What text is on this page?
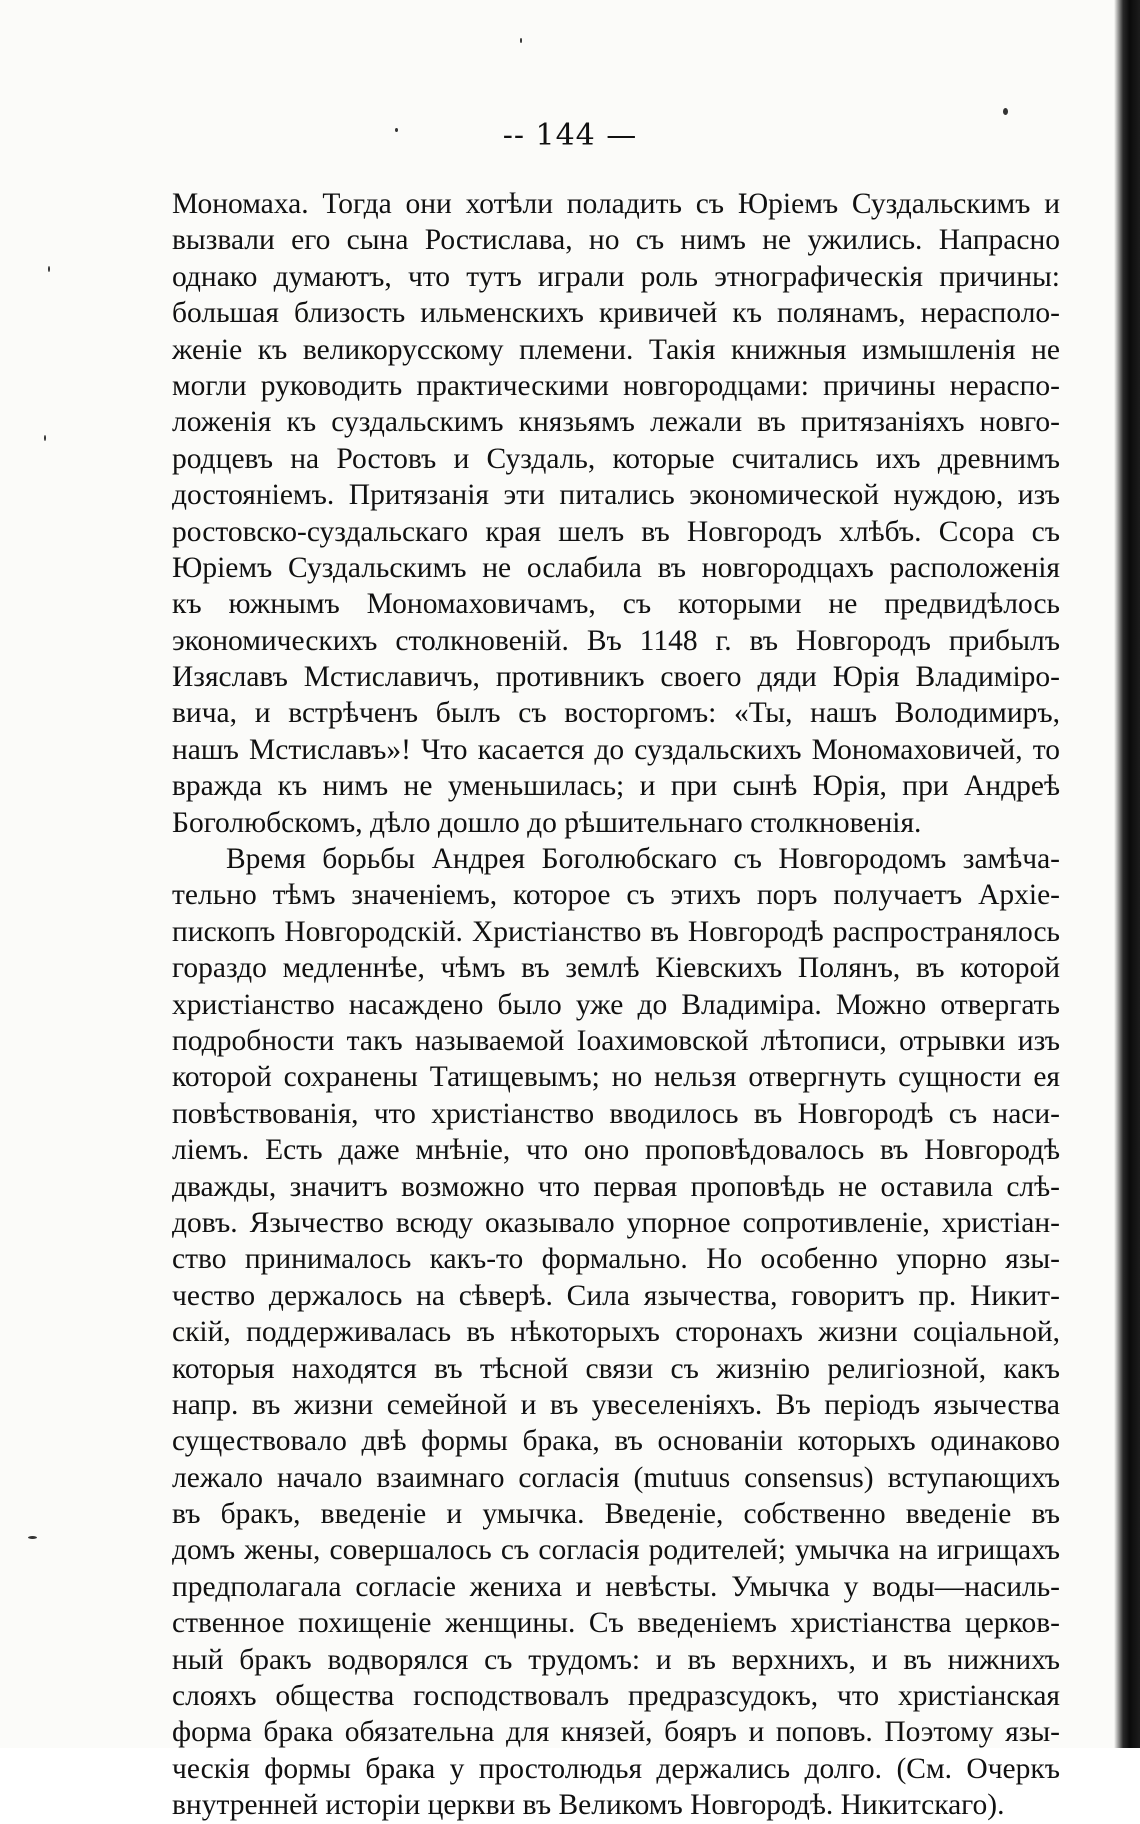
-- 144 —
Мономаха. Тогда они хотѣли поладить съ Юріемъ Суздальскимъ и
вызвали его сына Ростислава, но съ нимъ не ужились. Напрасно
однако думаютъ, что тутъ играли роль этнографическія причины:
большая близость ильменскихъ кривичей къ полянамъ, нерасполо-
женіе къ великорусскому племени. Такія книжныя измышленія не
могли руководить практическими новгородцами: причины нераспо-
ложенія къ суздальскимъ князьямъ лежали въ притязаніяхъ новго-
родцевъ на Ростовъ и Суздаль, которые считались ихъ древнимъ
достояніемъ. Притязанія эти питались экономической нуждою, изъ
ростовско-суздальскаго края шелъ въ Новгородъ хлѣбъ. Ссора съ
Юріемъ Суздальскимъ не ослабила въ новгородцахъ расположенія
къ южнымъ Мономаховичамъ, съ которыми не предвидѣлось
экономическихъ столкновеній. Въ 1148 г. въ Новгородъ прибылъ
Изяславъ Мстиславичъ, противникъ своего дяди Юрія Владиміро-
вича, и встрѣченъ былъ съ восторгомъ: «Ты, нашъ Володимиръ,
нашъ Мстиславъ»! Что касается до суздальскихъ Мономаховичей, то
вражда къ нимъ не уменьшилась; и при сынѣ Юрія, при Андреѣ
Боголюбскомъ, дѣло дошло до рѣшительнаго столкновенія.
Время борьбы Андрея Боголюбскаго съ Новгородомъ замѣча-
тельно тѣмъ значеніемъ, которое съ этихъ поръ получаетъ Архіе-
пископъ Новгородскій. Христіанство въ Новгородѣ распространялось
гораздо медленнѣе, чѣмъ въ землѣ Кіевскихъ Полянъ, въ которой
христіанство насаждено было уже до Владиміра. Можно отвергать
подробности такъ называемой Іоахимовской лѣтописи, отрывки изъ
которой сохранены Татищевымъ; но нельзя отвергнуть сущности ея
повѣствованія, что христіанство вводилось въ Новгородѣ съ наси-
ліемъ. Есть даже мнѣніе, что оно проповѣдовалось въ Новгородѣ
дважды, значитъ возможно что первая проповѣдь не оставила слѣ-
довъ. Язычество всюду оказывало упорное сопротивленіе, христіан-
ство принималось какъ-то формально. Но особенно упорно язы-
чество держалось на сѣверѣ. Сила язычества, говоритъ пр. Никит-
скій, поддерживалась въ нѣкоторыхъ сторонахъ жизни соціальной,
которыя находятся въ тѣсной связи съ жизнію религіозной, какъ
напр. въ жизни семейной и въ увеселеніяхъ. Въ періодъ язычества
существовало двѣ формы брака, въ основаніи которыхъ одинаково
лежало начало взаимнаго согласія (mutuus consensus) вступающихъ
въ бракъ, введеніе и умычка. Введеніе, собственно введеніе въ
домъ жены, совершалось съ согласія родителей; умычка на игрищахъ
предполагала согласіе жениха и невѣсты. Умычка у воды—насиль-
ственное похищеніе женщины. Съ введеніемъ христіанства церков-
ный бракъ водворялся съ трудомъ: и въ верхнихъ, и въ нижнихъ
слояхъ общества господствовалъ предразсудокъ, что христіанская
форма брака обязательна для князей, бояръ и поповъ. Поэтому язы-
ческія формы брака у простолюдья держались долго. (См. Очеркъ
внутренней исторіи церкви въ Великомъ Новгородѣ. Никитскаго).
